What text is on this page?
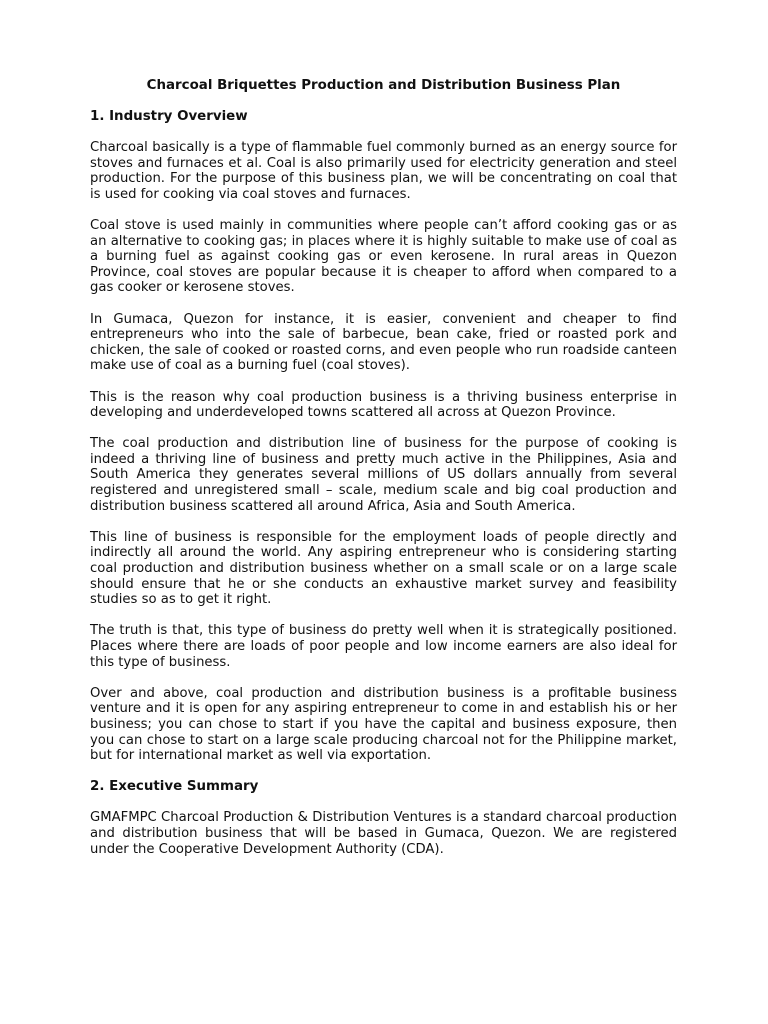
Charcoal Briquettes Production and Distribution Business Plan
1. Industry Overview

Charcoal basically is a type of flammable fuel commonly burned as an energy source for stoves and furnaces et al. Coal is also primarily used for electricity generation and steel production. For the purpose of this business plan, we will be concentrating on coal that is used for cooking via coal stoves and furnaces.

Coal stove is used mainly in communities where people can’t afford cooking gas or as an alternative to cooking gas; in places where it is highly suitable to make use of coal as a burning fuel as against cooking gas or even kerosene. In rural areas in Quezon Province, coal stoves are popular because it is cheaper to afford when compared to a gas cooker or kerosene stoves.

In Gumaca, Quezon for instance, it is easier, convenient and cheaper to find entrepreneurs who into the sale of barbecue, bean cake, fried or roasted pork and chicken, the sale of cooked or roasted corns, and even people who run roadside canteen make use of coal as a burning fuel (coal stoves).

This is the reason why coal production business is a thriving business enterprise in developing and underdeveloped towns scattered all across at Quezon Province.

The coal production and distribution line of business for the purpose of cooking is indeed a thriving line of business and pretty much active in the Philippines, Asia and South America they generates several millions of US dollars annually from several registered and unregistered small – scale, medium scale and big coal production and distribution business scattered all around Africa, Asia and South America.

This line of business is responsible for the employment loads of people directly and indirectly all around the world. Any aspiring entrepreneur who is considering starting coal production and distribution business whether on a small scale or on a large scale should ensure that he or she conducts an exhaustive market survey and feasibility studies so as to get it right.

The truth is that, this type of business do pretty well when it is strategically positioned. Places where there are loads of poor people and low income earners are also ideal for this type of business.

Over and above, coal production and distribution business is a profitable business venture and it is open for any aspiring entrepreneur to come in and establish his or her business; you can chose to start if you have the capital and business exposure, then you can chose to start on a large scale producing charcoal not for the Philippine market, but for international market as well via exportation.

2. Executive Summary

GMAFMPC Charcoal Production & Distribution Ventures is a standard charcoal production and distribution business that will be based in Gumaca, Quezon. We are registered under the Cooperative Development Authority (CDA).
